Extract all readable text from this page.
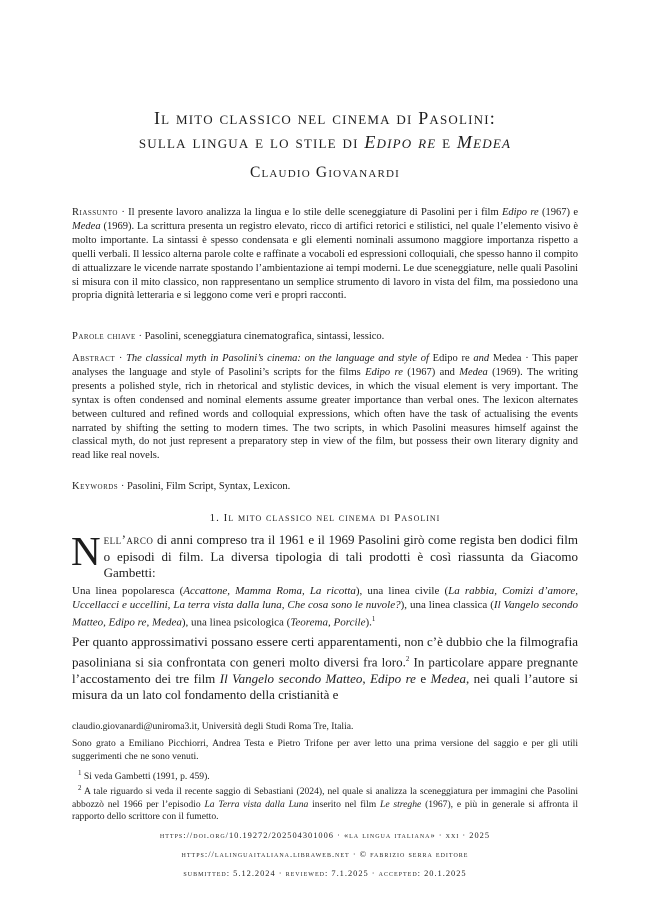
Il mito classico nel cinema di Pasolini:
sulla lingua e lo stile di Edipo re e Medea
Claudio Giovanardi
Riassunto · Il presente lavoro analizza la lingua e lo stile delle sceneggiature di Pasolini per i film Edipo re (1967) e Medea (1969). La scrittura presenta un registro elevato, ricco di artifici retorici e stilistici, nel quale l’elemento visivo è molto importante. La sintassi è spesso condensata e gli elementi nominali assumono maggiore importanza rispetto a quelli verbali. Il lessico alterna parole colte e raffinate a vocaboli ed espressioni colloquiali, che spesso hanno il compito di attualizzare le vicende narrate spostando l’ambientazione ai tempi moderni. Le due sceneggiature, nelle quali Pasolini si misura con il mito classico, non rappresentano un semplice strumento di lavoro in vista del film, ma possiedono una propria dignità letteraria e si leggono come veri e propri racconti.
Parole chiave · Pasolini, sceneggiatura cinematografica, sintassi, lessico.
Abstract · The classical myth in Pasolini’s cinema: on the language and style of Edipo re and Medea · This paper analyses the language and style of Pasolini’s scripts for the films Edipo re (1967) and Medea (1969). The writing presents a polished style, rich in rhetorical and stylistic devices, in which the visual element is very important. The syntax is often condensed and nominal elements assume greater importance than verbal ones. The lexicon alternates between cultured and refined words and colloquial expressions, which often have the task of actualising the events narrated by shifting the setting to modern times. The two scripts, in which Pasolini measures himself against the classical myth, do not just represent a preparatory step in view of the film, but possess their own literary dignity and read like real novels.
Keywords · Pasolini, Film Script, Syntax, Lexicon.
1. Il mito classico nel cinema di Pasolini
Nell’arco di anni compreso tra il 1961 e il 1969 Pasolini girò come regista ben dodici film o episodi di film. La diversa tipologia di tali prodotti è così riassunta da Giacomo Gambetti:
Una linea popolaresca (Accattone, Mamma Roma, La ricotta), una linea civile (La rabbia, Comizi d’amore, Uccellacci e uccellini, La terra vista dalla luna, Che cosa sono le nuvole?), una linea classica (Il Vangelo secondo Matteo, Edipo re, Medea), una linea psicologica (Teorema, Porcile).$^1$
Per quanto approssimativi possano essere certi apparentamenti, non c’è dubbio che la filmografia pasoliniana si sia confrontata con generi molto diversi fra loro.$^2$ In particolare appare pregnante l’accostamento dei tre film Il Vangelo secondo Matteo, Edipo re e Medea, nei quali l’autore si misura da un lato col fondamento della cristianità e
claudio.giovanardi@uniroma3.it, Università degli Studi Roma Tre, Italia.
Sono grato a Emiliano Picchiorri, Andrea Testa e Pietro Trifone per aver letto una prima versione del saggio e per gli utili suggerimenti che ne sono venuti.
$^1$ Si veda Gambetti (1991, p. 459).
$^2$ A tale riguardo si veda il recente saggio di Sebastiani (2024), nel quale si analizza la sceneggiatura per immagini che Pasolini abbozzò nel 1966 per l’episodio La Terra vista dalla Luna inserito nel film Le streghe (1967), e più in generale si affronta il rapporto dello scrittore con il fumetto.
https://doi.org/10.19272/202504301006 · «la lingua italiana» · xxi · 2025
https://lalinguaitaliana.libraweb.net · © fabrizio serra editore
submitted: 5.12.2024 · reviewed: 7.1.2025 · accepted: 20.1.2025
